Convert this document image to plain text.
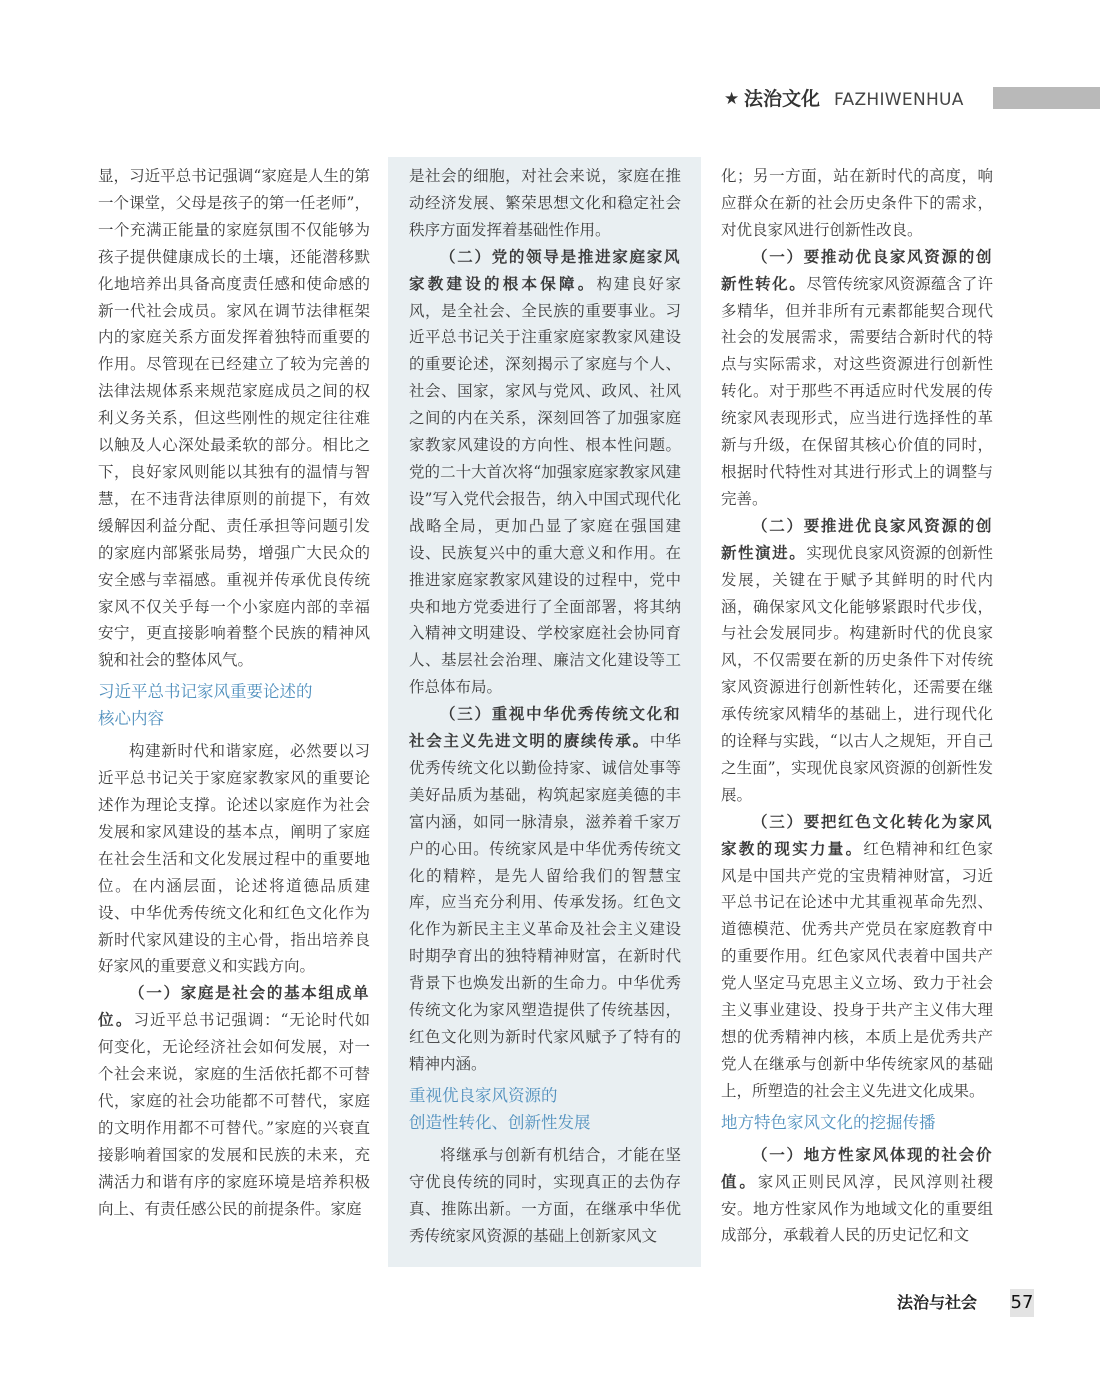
★ 法治文化 FAZHIWENHUA

显，习近平总书记强调“家庭是人生的第一个课堂，父母是孩子的第一任老师”，一个充满正能量的家庭氛围不仅能够为孩子提供健康成长的土壤，还能潜移默化地培养出具备高度责任感和使命感的新一代社会成员。家风在调节法律框架内的家庭关系方面发挥着独特而重要的作用。尽管现在已经建立了较为完善的法律法规体系来规范家庭成员之间的权利义务关系，但这些刚性的规定往往难以触及人心深处最柔软的部分。相比之下，良好家风则能以其独有的温情与智慧，在不违背法律原则的前提下，有效缓解因利益分配、责任承担等问题引发的家庭内部紧张局势，增强广大民众的安全感与幸福感。重视并传承优良传统家风不仅关乎每一个小家庭内部的幸福安宁，更直接影响着整个民族的精神风貌和社会的整体风气。

习近平总书记家风重要论述的
核心内容

构建新时代和谐家庭，必然要以习近平总书记关于家庭家教家风的重要论述作为理论支撑。论述以家庭作为社会发展和家风建设的基本点，阐明了家庭在社会生活和文化发展过程中的重要地位。在内涵层面，论述将道德品质建设、中华优秀传统文化和红色文化作为新时代家风建设的主心骨，指出培养良好家风的重要意义和实践方向。

（一）家庭是社会的基本组成单位。习近平总书记强调：“无论时代如何变化，无论经济社会如何发展，对一个社会来说，家庭的生活依托都不可替代，家庭的社会功能都不可替代，家庭的文明作用都不可替代。”家庭的兴衰直接影响着国家的发展和民族的未来，充满活力和谐有序的家庭环境是培养积极向上、有责任感公民的前提条件。家庭

是社会的细胞，对社会来说，家庭在推动经济发展、繁荣思想文化和稳定社会秩序方面发挥着基础性作用。

（二）党的领导是推进家庭家风家教建设的根本保障。构建良好家风，是全社会、全民族的重要事业。习近平总书记关于注重家庭家教家风建设的重要论述，深刻揭示了家庭与个人、社会、国家，家风与党风、政风、社风之间的内在关系，深刻回答了加强家庭家教家风建设的方向性、根本性问题。党的二十大首次将“加强家庭家教家风建设”写入党代会报告，纳入中国式现代化战略全局，更加凸显了家庭在强国建设、民族复兴中的重大意义和作用。在推进家庭家教家风建设的过程中，党中央和地方党委进行了全面部署，将其纳入精神文明建设、学校家庭社会协同育人、基层社会治理、廉洁文化建设等工作总体布局。

（三）重视中华优秀传统文化和社会主义先进文明的赓续传承。中华优秀传统文化以勤俭持家、诚信处事等美好品质为基础，构筑起家庭美德的丰富内涵，如同一脉清泉，滋养着千家万户的心田。传统家风是中华优秀传统文化的精粹，是先人留给我们的智慧宝库，应当充分利用、传承发扬。红色文化作为新民主主义革命及社会主义建设时期孕育出的独特精神财富，在新时代背景下也焕发出新的生命力。中华优秀传统文化为家风塑造提供了传统基因，红色文化则为新时代家风赋予了特有的精神内涵。

重视优良家风资源的
创造性转化、创新性发展

将继承与创新有机结合，才能在坚守优良传统的同时，实现真正的去伪存真、推陈出新。一方面，在继承中华优秀传统家风资源的基础上创新家风文

化；另一方面，站在新时代的高度，响应群众在新的社会历史条件下的需求，对优良家风进行创新性改良。

（一）要推动优良家风资源的创新性转化。尽管传统家风资源蕴含了许多精华，但并非所有元素都能契合现代社会的发展需求，需要结合新时代的特点与实际需求，对这些资源进行创新性转化。对于那些不再适应时代发展的传统家风表现形式，应当进行选择性的革新与升级，在保留其核心价值的同时，根据时代特性对其进行形式上的调整与完善。

（二）要推进优良家风资源的创新性演进。实现优良家风资源的创新性发展，关键在于赋予其鲜明的时代内涵，确保家风文化能够紧跟时代步伐，与社会发展同步。构建新时代的优良家风，不仅需要在新的历史条件下对传统家风资源进行创新性转化，还需要在继承传统家风精华的基础上，进行现代化的诠释与实践，“以古人之规矩，开自己之生面”，实现优良家风资源的创新性发展。

（三）要把红色文化转化为家风家教的现实力量。红色精神和红色家风是中国共产党的宝贵精神财富，习近平总书记在论述中尤其重视革命先烈、道德模范、优秀共产党员在家庭教育中的重要作用。红色家风代表着中国共产党人坚定马克思主义立场、致力于社会主义事业建设、投身于共产主义伟大理想的优秀精神内核，本质上是优秀共产党人在继承与创新中华传统家风的基础上，所塑造的社会主义先进文化成果。

地方特色家风文化的挖掘传播

（一）地方性家风体现的社会价值。家风正则民风淳，民风淳则社稷安。地方性家风作为地域文化的重要组成部分，承载着人民的历史记忆和文

法治与社会 57
